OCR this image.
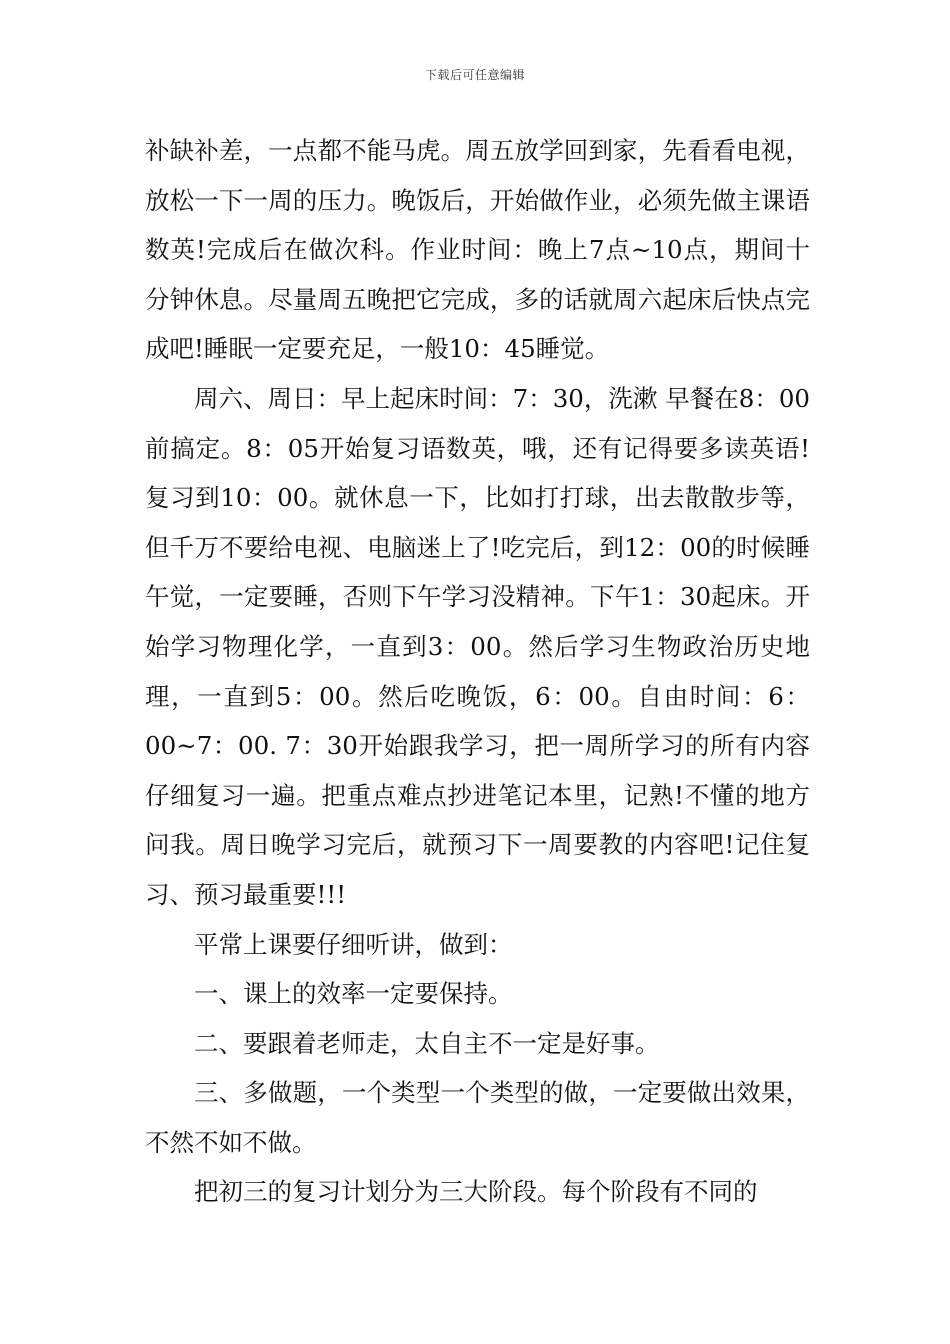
下载后可任意编辑

补缺补差，一点都不能马虎。周五放学回到家，先看看电视，放松一下一周的压力。晚饭后，开始做作业，必须先做主课语数英!完成后在做次科。作业时间：晚上7点~10点，期间十分钟休息。尽量周五晚把它完成，多的话就周六起床后快点完成吧!睡眠一定要充足，一般10：45睡觉。

周六、周日：早上起床时间：7：30，洗漱 早餐在8：00前搞定。8：05开始复习语数英，哦，还有记得要多读英语!复习到10：00。就休息一下，比如打打球，出去散散步等，但千万不要给电视、电脑迷上了!吃完后，到12：00的时候睡午觉，一定要睡，否则下午学习没精神。下午1：30起床。开始学习物理化学，一直到3：00。然后学习生物政治历史地理，一直到5：00。然后吃晚饭，6：00。自由时间：6：00~7：00. 7：30开始跟我学习，把一周所学习的所有内容仔细复习一遍。把重点难点抄进笔记本里，记熟!不懂的地方问我。周日晚学习完后，就预习下一周要教的内容吧!记住复习、预习最重要!!!

平常上课要仔细听讲，做到：

一、课上的效率一定要保持。

二、要跟着老师走，太自主不一定是好事。

三、多做题，一个类型一个类型的做，一定要做出效果，不然不如不做。

把初三的复习计划分为三大阶段。每个阶段有不同的
